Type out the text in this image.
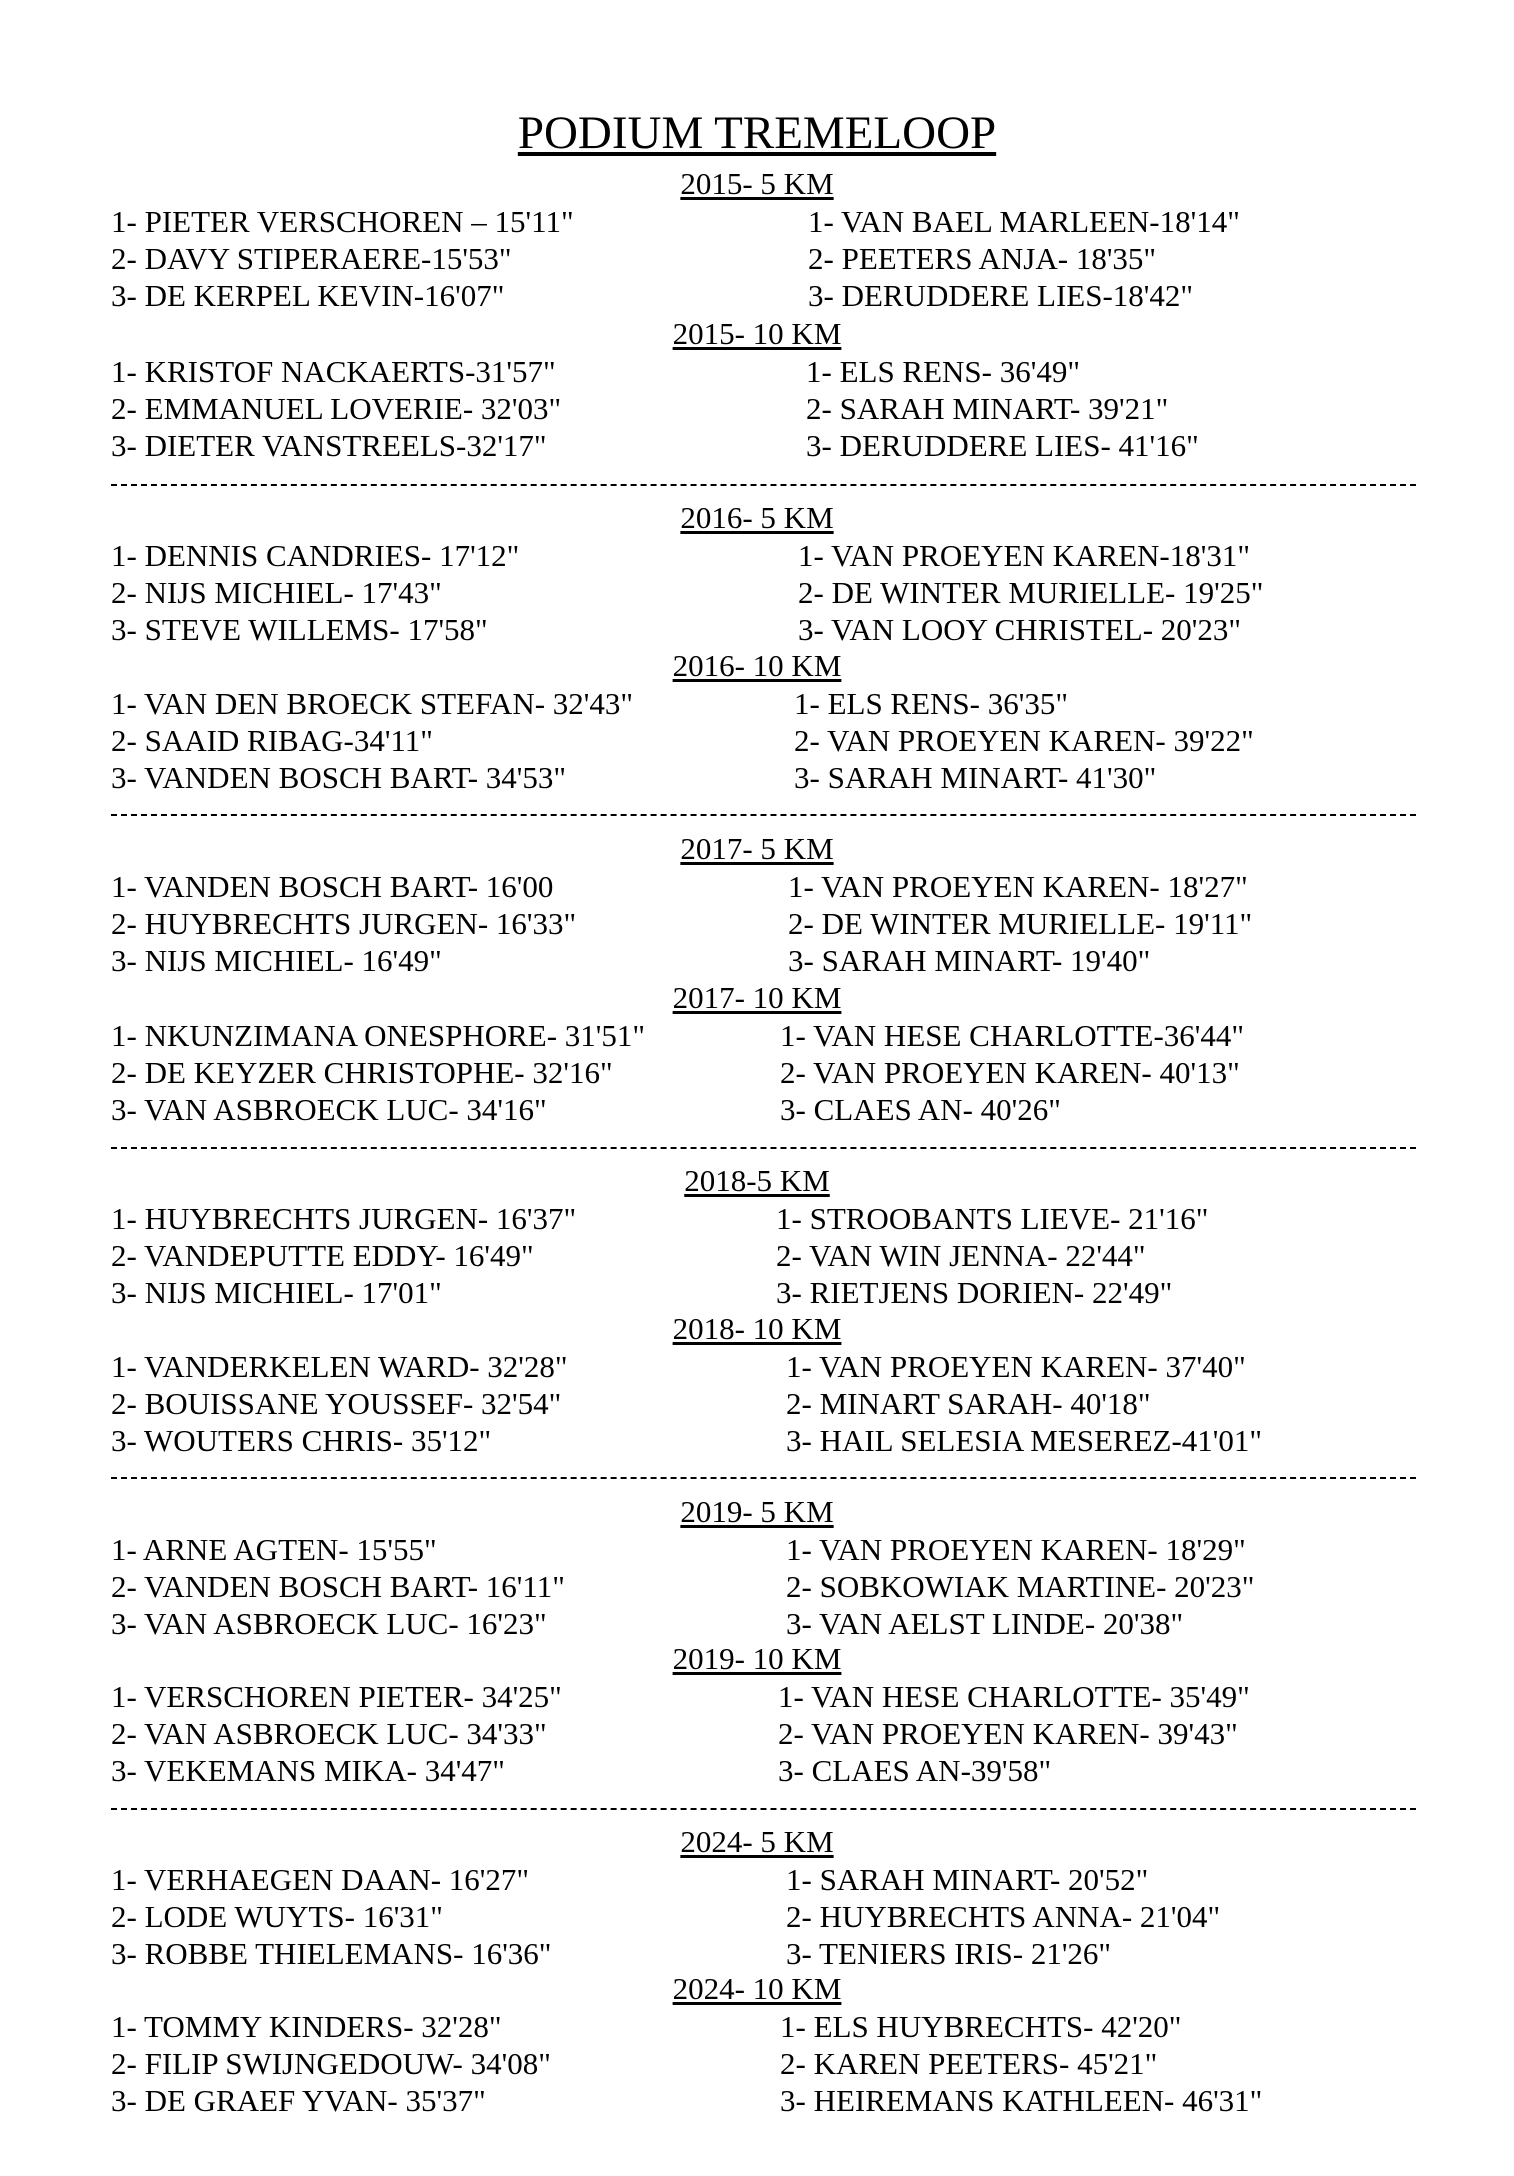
PODIUM TREMELOOP
2015- 5 KM
1- PIETER VERSCHOREN – 15'11"
2- DAVY STIPERAERE-15'53"
3- DE KERPEL KEVIN-16'07"
1- VAN BAEL MARLEEN-18'14"
2- PEETERS ANJA- 18'35"
3- DERUDDERE LIES-18'42"
2015- 10 KM
1- KRISTOF NACKAERTS-31'57"
2- EMMANUEL LOVERIE- 32'03"
3- DIETER VANSTREELS-32'17"
1- ELS RENS- 36'49"
2- SARAH MINART- 39'21"
3- DERUDDERE LIES- 41'16"
2016- 5 KM
1- DENNIS CANDRIES- 17'12"
2- NIJS MICHIEL- 17'43"
3- STEVE WILLEMS- 17'58"
1- VAN PROEYEN KAREN-18'31"
2- DE WINTER MURIELLE- 19'25"
3- VAN LOOY CHRISTEL- 20'23"
2016- 10 KM
1- VAN DEN BROECK STEFAN- 32'43"
2- SAAID RIBAG-34'11"
3- VANDEN BOSCH BART- 34'53"
1- ELS RENS- 36'35"
2- VAN PROEYEN KAREN- 39'22"
3- SARAH MINART- 41'30"
2017- 5 KM
1- VANDEN BOSCH BART- 16'00
2- HUYBRECHTS JURGEN- 16'33"
3- NIJS MICHIEL- 16'49"
1- VAN PROEYEN KAREN- 18'27"
2- DE WINTER MURIELLE- 19'11"
3- SARAH MINART- 19'40"
2017- 10 KM
1- NKUNZIMANA ONESPHORE- 31'51"
2- DE KEYZER CHRISTOPHE- 32'16"
3- VAN ASBROECK LUC- 34'16"
1- VAN HESE CHARLOTTE-36'44"
2- VAN PROEYEN KAREN- 40'13"
3- CLAES AN- 40'26"
2018-5 KM
1- HUYBRECHTS JURGEN- 16'37"
2- VANDEPUTTE EDDY- 16'49"
3- NIJS MICHIEL- 17'01"
1- STROOBANTS LIEVE- 21'16"
2- VAN WIN JENNA- 22'44"
3- RIETJENS DORIEN- 22'49"
2018- 10 KM
1- VANDERKELEN WARD- 32'28"
2- BOUISSANE YOUSSEF- 32'54"
3- WOUTERS CHRIS- 35'12"
1- VAN PROEYEN KAREN- 37'40"
2- MINART SARAH- 40'18"
3- HAIL SELESIA MESEREZ-41'01"
2019- 5 KM
1- ARNE AGTEN- 15'55"
2- VANDEN BOSCH BART- 16'11"
3- VAN ASBROECK LUC- 16'23"
1- VAN PROEYEN KAREN- 18'29"
2- SOBKOWIAK MARTINE- 20'23"
3- VAN AELST LINDE- 20'38"
2019- 10 KM
1- VERSCHOREN PIETER- 34'25"
2- VAN ASBROECK LUC- 34'33"
3- VEKEMANS MIKA- 34'47"
1- VAN HESE CHARLOTTE- 35'49"
2- VAN PROEYEN KAREN- 39'43"
3- CLAES AN-39'58"
2024- 5 KM
1- VERHAEGEN DAAN- 16'27"
2- LODE WUYTS- 16'31"
3- ROBBE THIELEMANS- 16'36"
1- SARAH MINART- 20'52"
2- HUYBRECHTS ANNA- 21'04"
3- TENIERS IRIS- 21'26"
2024- 10 KM
1- TOMMY KINDERS- 32'28"
2- FILIP SWIJNGEDOUW- 34'08"
3- DE GRAEF YVAN- 35'37"
1- ELS HUYBRECHTS- 42'20"
2- KAREN PEETERS- 45'21"
3- HEIREMANS KATHLEEN- 46'31"
